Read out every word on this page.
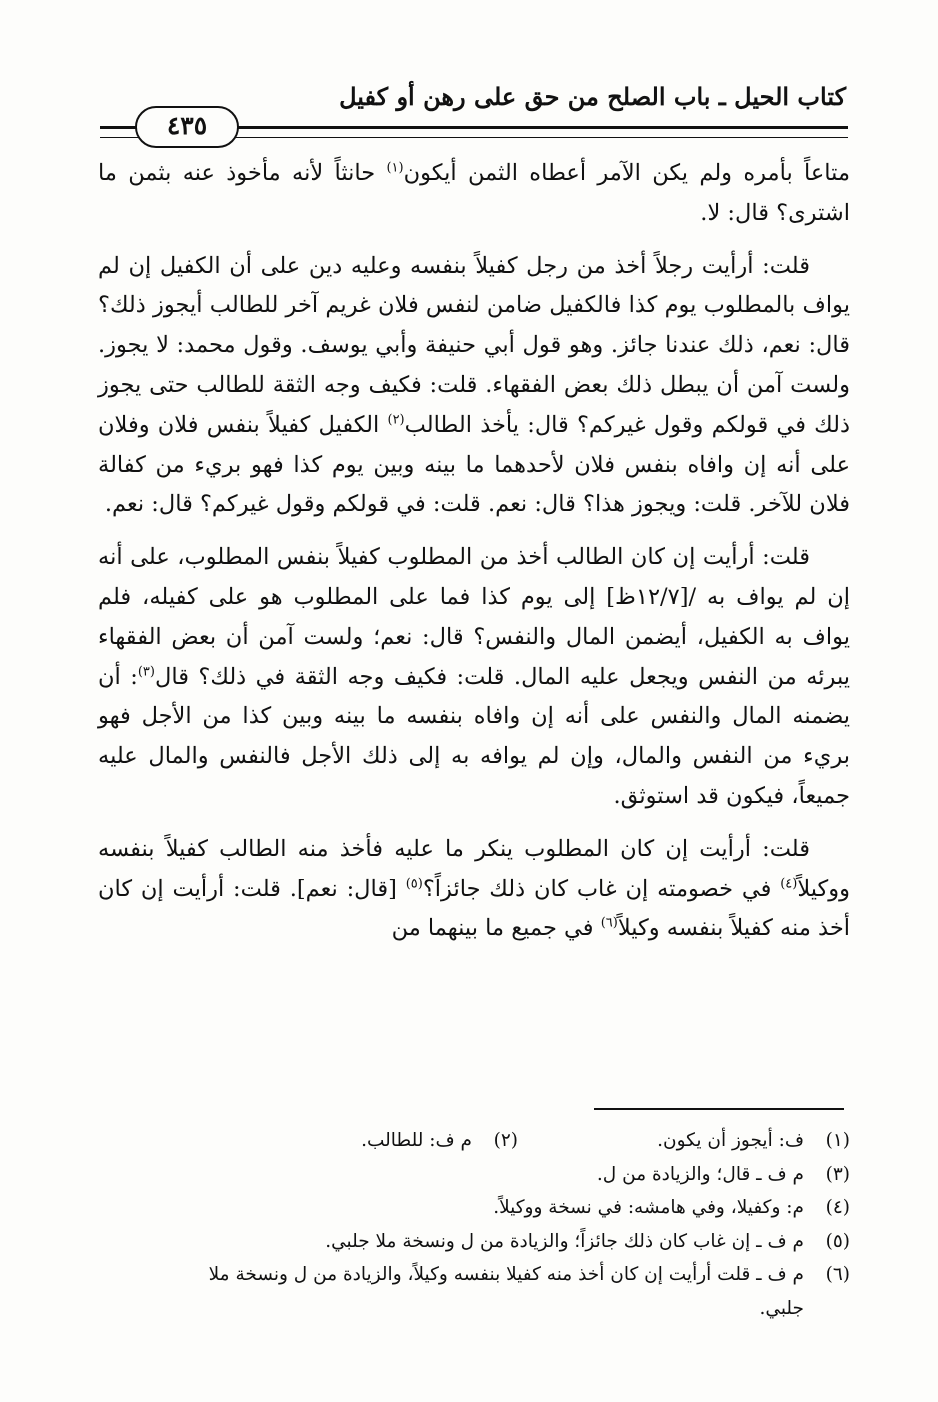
كتاب الحيل ـ باب الصلح من حق على رهن أو كفيل
٤٣٥

متاعاً بأمره ولم يكن الآمر أعطاه الثمن أيكون$^{(١)}$ حانثاً لأنه مأخوذ عنه بثمن ما اشترى؟ قال: لا.

قلت: أرأيت رجلاً أخذ من رجل كفيلاً بنفسه وعليه دين على أن الكفيل إن لم يواف بالمطلوب يوم كذا فالكفيل ضامن لنفس فلان غريم آخر للطالب أيجوز ذلك؟ قال: نعم، ذلك عندنا جائز. وهو قول أبي حنيفة وأبي يوسف. وقول محمد: لا يجوز. ولست آمن أن يبطل ذلك بعض الفقهاء. قلت: فكيف وجه الثقة للطالب حتى يجوز ذلك في قولكم وقول غيركم؟ قال: يأخذ الطالب$^{(٢)}$ الكفيل كفيلاً بنفس فلان وفلان على أنه إن وافاه بنفس فلان لأحدهما ما بينه وبين يوم كذا فهو بريء من كفالة فلان للآخر. قلت: ويجوز هذا؟ قال: نعم. قلت: في قولكم وقول غيركم؟ قال: نعم.

قلت: أرأيت إن كان الطالب أخذ من المطلوب كفيلاً بنفس المطلوب، على أنه إن لم يواف به /[١٢/٧ظ] إلى يوم كذا فما على المطلوب هو على كفيله، فلم يواف به الكفيل، أيضمن المال والنفس؟ قال: نعم؛ ولست آمن أن بعض الفقهاء يبرئه من النفس ويجعل عليه المال. قلت: فكيف وجه الثقة في ذلك؟ قال$^{(٣)}$: أن يضمنه المال والنفس على أنه إن وافاه بنفسه ما بينه وبين كذا من الأجل فهو بريء من النفس والمال، وإن لم يوافه به إلى ذلك الأجل فالنفس والمال عليه جميعاً، فيكون قد استوثق.

قلت: أرأيت إن كان المطلوب ينكر ما عليه فأخذ منه الطالب كفيلاً بنفسه ووكيلاً$^{(٤)}$ في خصومته إن غاب كان ذلك جائزاً؟$^{(٥)}$ [قال: نعم]. قلت: أرأيت إن كان أخذ منه كفيلاً بنفسه وكيلاً$^{(٦)}$ في جميع ما بينهما من

(١)ف: أيجوز أن يكون.
(٢)م ف: للطالب.
(٣)م ف ـ قال؛ والزيادة من ل.
(٤)م: وكفيلا، وفي هامشه: في نسخة ووكيلاً.
(٥)م ف ـ إن غاب كان ذلك جائزاً؛ والزيادة من ل ونسخة ملا جلبي.
(٦)م ف ـ قلت أرأيت إن كان أخذ منه كفيلا بنفسه وكيلاً، والزيادة من ل ونسخة ملا
جلبي.
